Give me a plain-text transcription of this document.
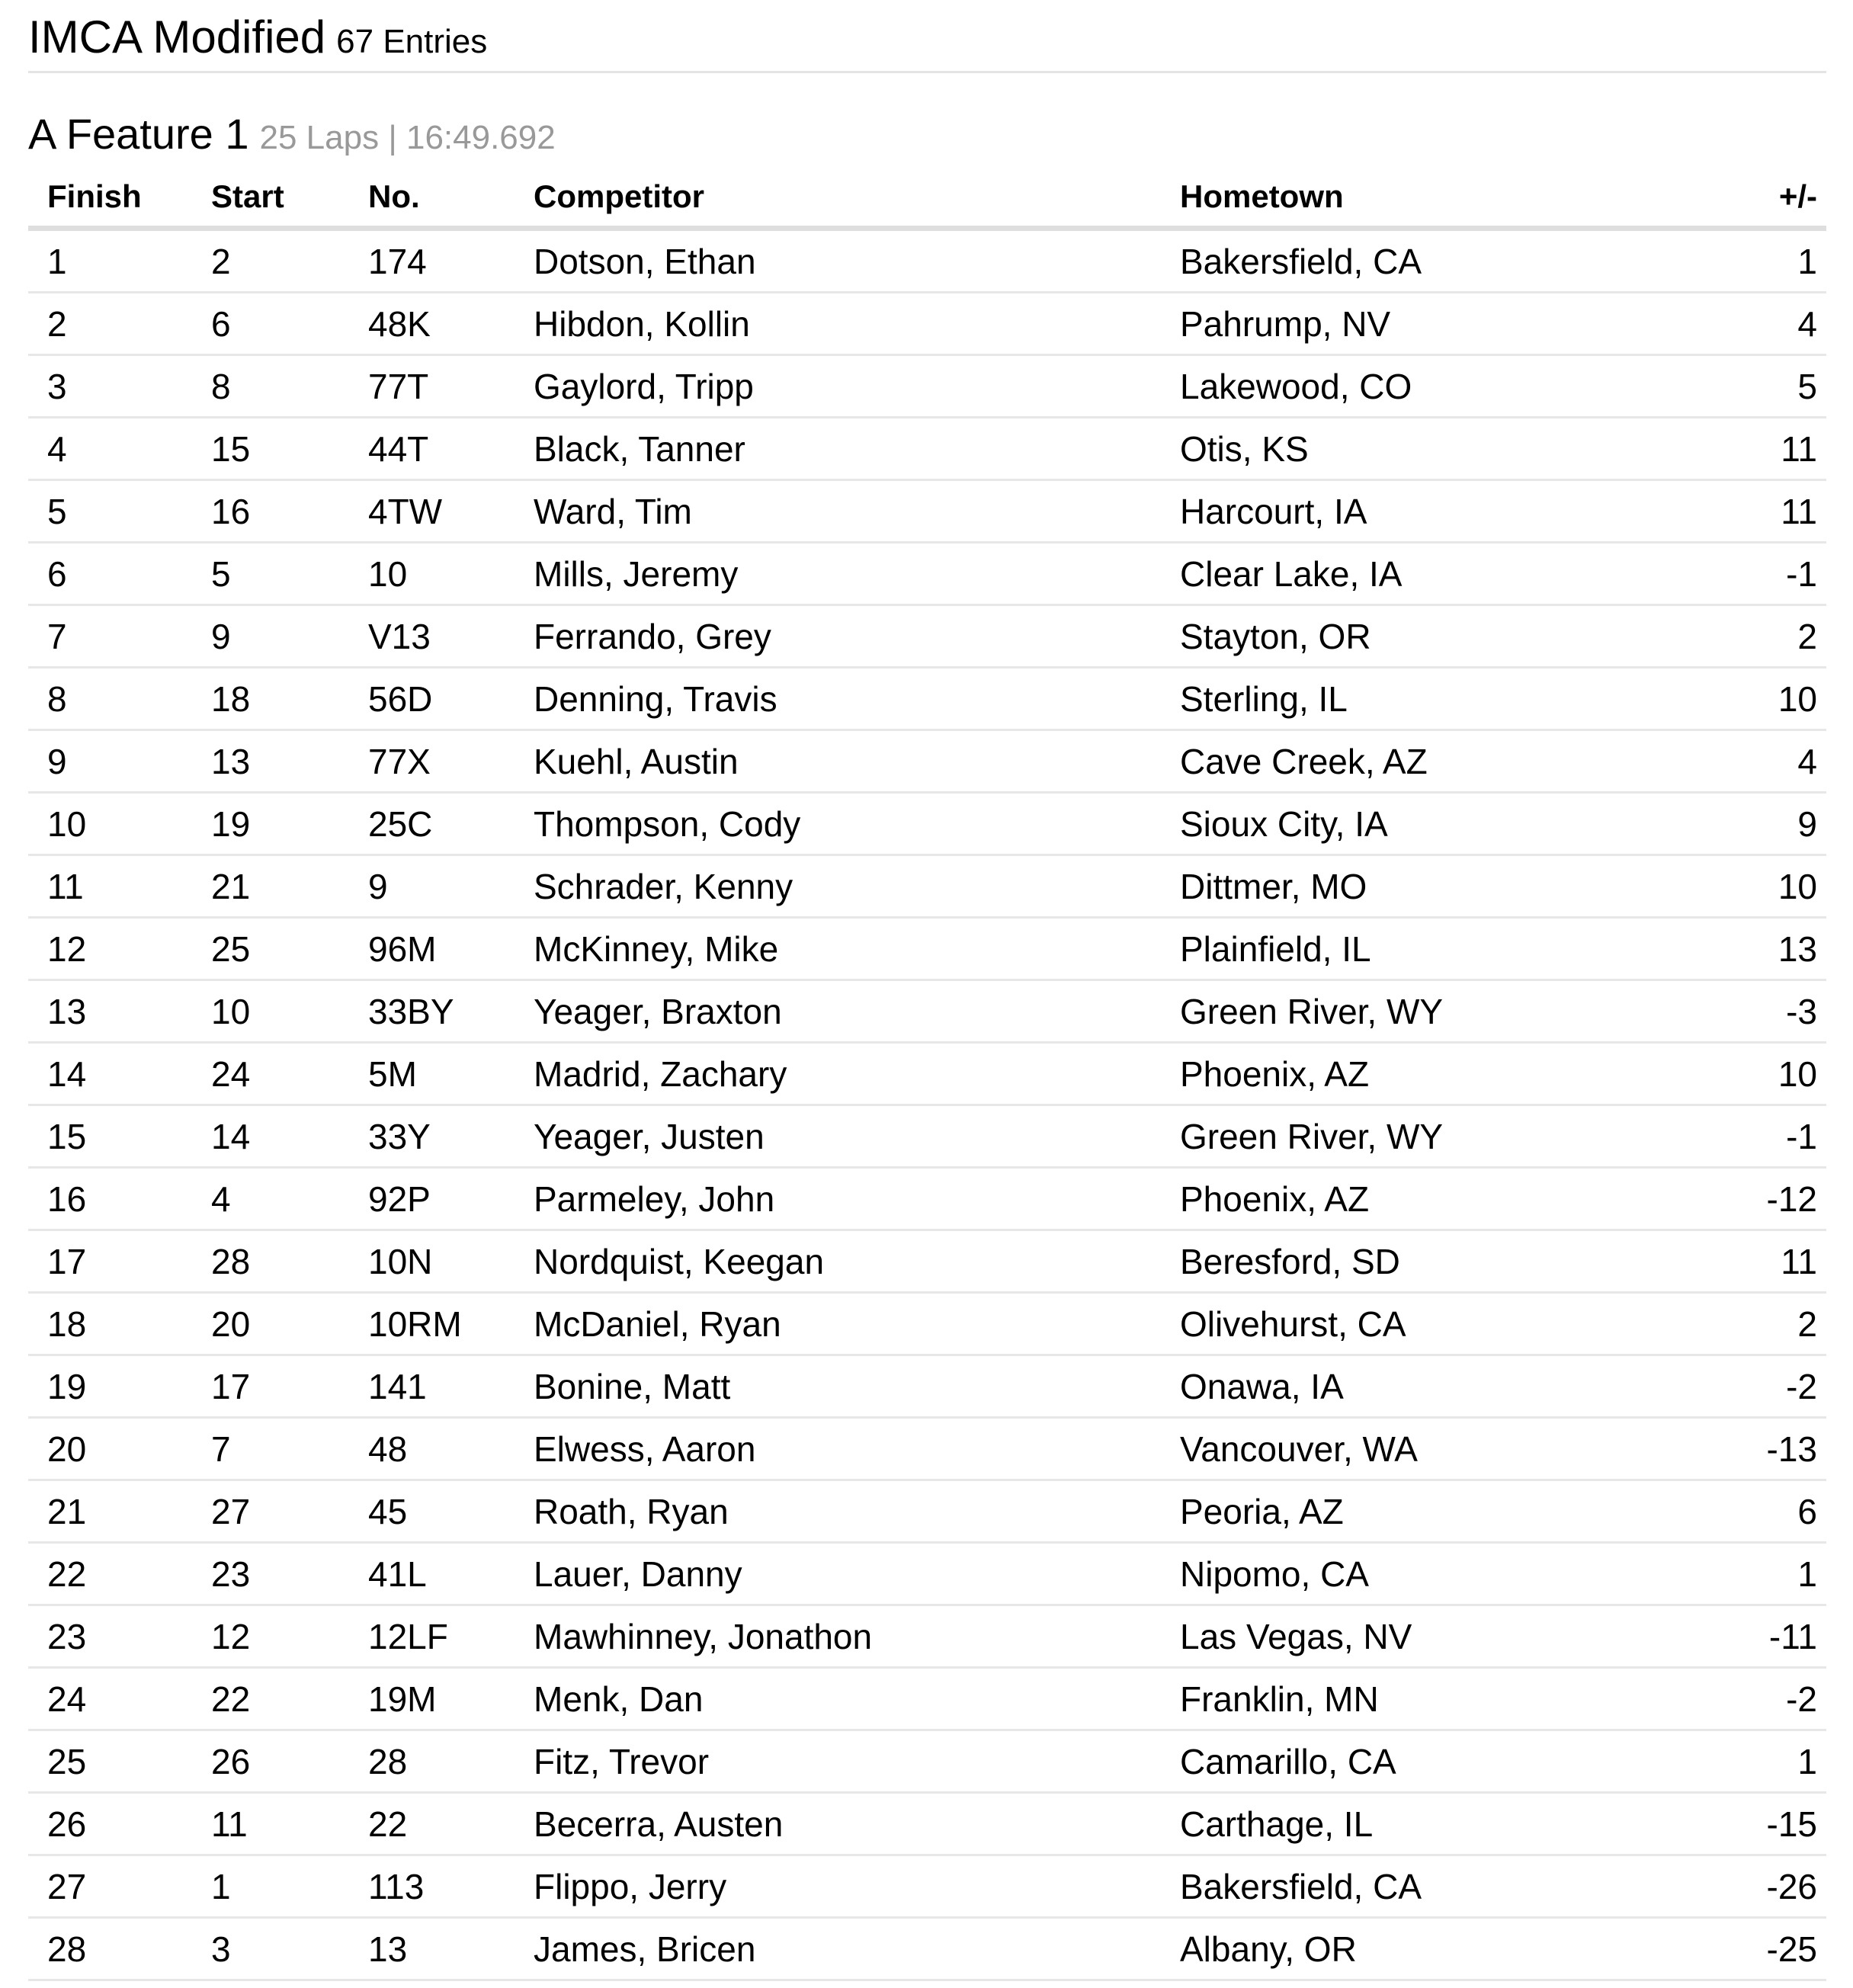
IMCA Modified 67 Entries
A Feature 1 25 Laps | 16:49.692
Finish	Start	No.	Competitor	Hometown	+/-
1	2	174	Dotson, Ethan	Bakersfield, CA	1
2	6	48K	Hibdon, Kollin	Pahrump, NV	4
3	8	77T	Gaylord, Tripp	Lakewood, CO	5
4	15	44T	Black, Tanner	Otis, KS	11
5	16	4TW	Ward, Tim	Harcourt, IA	11
6	5	10	Mills, Jeremy	Clear Lake, IA	-1
7	9	V13	Ferrando, Grey	Stayton, OR	2
8	18	56D	Denning, Travis	Sterling, IL	10
9	13	77X	Kuehl, Austin	Cave Creek, AZ	4
10	19	25C	Thompson, Cody	Sioux City, IA	9
11	21	9	Schrader, Kenny	Dittmer, MO	10
12	25	96M	McKinney, Mike	Plainfield, IL	13
13	10	33BY	Yeager, Braxton	Green River, WY	-3
14	24	5M	Madrid, Zachary	Phoenix, AZ	10
15	14	33Y	Yeager, Justen	Green River, WY	-1
16	4	92P	Parmeley, John	Phoenix, AZ	-12
17	28	10N	Nordquist, Keegan	Beresford, SD	11
18	20	10RM	McDaniel, Ryan	Olivehurst, CA	2
19	17	141	Bonine, Matt	Onawa, IA	-2
20	7	48	Elwess, Aaron	Vancouver, WA	-13
21	27	45	Roath, Ryan	Peoria, AZ	6
22	23	41L	Lauer, Danny	Nipomo, CA	1
23	12	12LF	Mawhinney, Jonathon	Las Vegas, NV	-11
24	22	19M	Menk, Dan	Franklin, MN	-2
25	26	28	Fitz, Trevor	Camarillo, CA	1
26	11	22	Becerra, Austen	Carthage, IL	-15
27	1	113	Flippo, Jerry	Bakersfield, CA	-26
28	3	13	James, Bricen	Albany, OR	-25
